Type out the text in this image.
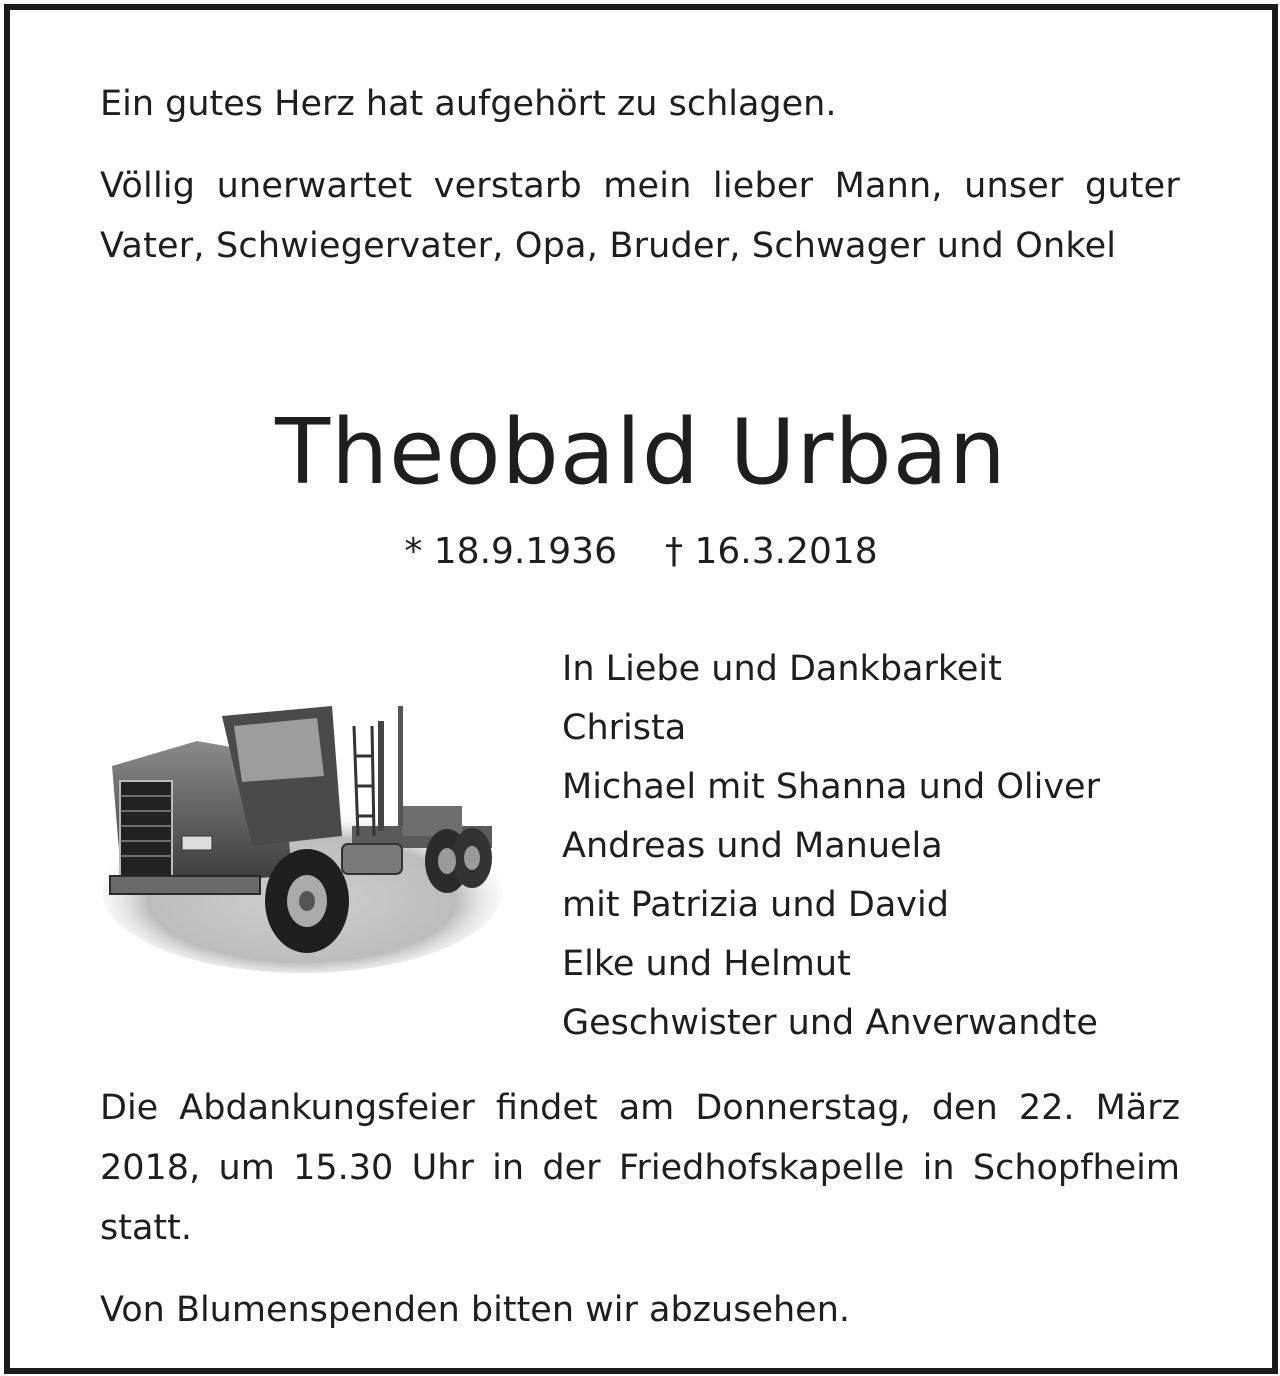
Ein gutes Herz hat aufgehört zu schlagen.

Völlig unerwartet verstarb mein lieber Mann, unser guter Vater, Schwiegervater, Opa, Bruder, Schwager und Onkel

Theobald Urban
* 18.9.1936 † 16.3.2018
In Liebe und Dankbarkeit
Christa
Michael mit Shanna und Oliver
Andreas und Manuela
mit Patrizia und David
Elke und Helmut
Geschwister und Anverwandte

Die Abdankungsfeier findet am Donnerstag, den 22. März 2018, um 15.30 Uhr in der Friedhofskapelle in Schopfheim statt.

Von Blumenspenden bitten wir abzusehen.
